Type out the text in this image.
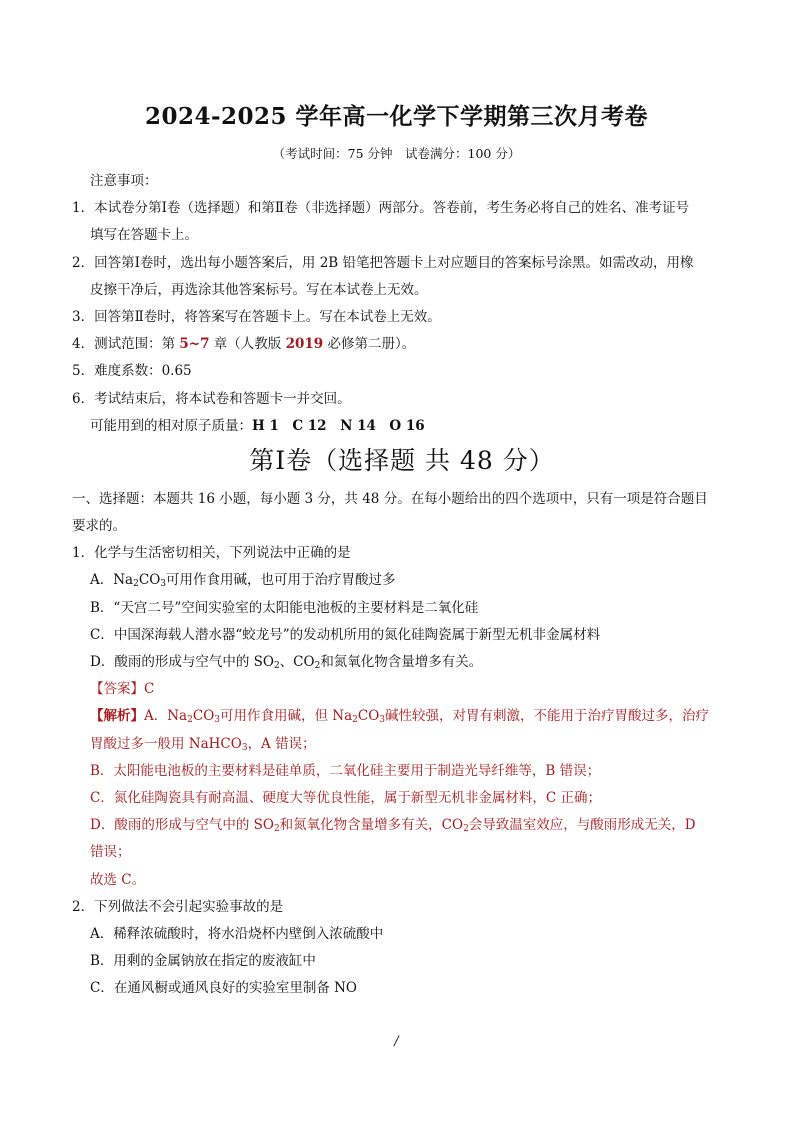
2024-2025 学年高一化学下学期第三次月考卷
（考试时间：75 分钟　试卷满分：100 分）
注意事项：
1．本试卷分第Ⅰ卷（选择题）和第Ⅱ卷（非选择题）两部分。答卷前，考生务必将自己的姓名、准考证号
填写在答题卡上。
2．回答第Ⅰ卷时，选出每小题答案后，用 2B 铅笔把答题卡上对应题目的答案标号涂黑。如需改动，用橡
皮擦干净后，再选涂其他答案标号。写在本试卷上无效。
3．回答第Ⅱ卷时，将答案写在答题卡上。写在本试卷上无效。
4．测试范围：第 5~7 章（人教版 2019 必修第二册）。
5．难度系数：0.65
6．考试结束后，将本试卷和答题卡一并交回。
可能用到的相对原子质量：H 1　C 12　N 14　O 16
第Ⅰ卷（选择题 共 48 分）
一、选择题：本题共 16 小题，每小题 3 分，共 48 分。在每小题给出的四个选项中，只有一项是符合题目
要求的。
1．化学与生活密切相关，下列说法中正确的是
A．$Na_2CO_3$可用作食用碱，也可用于治疗胃酸过多
B．“天宫二号”空间实验室的太阳能电池板的主要材料是二氧化硅
C．中国深海载人潜水器“蛟龙号”的发动机所用的氮化硅陶瓷属于新型无机非金属材料
D．酸雨的形成与空气中的 $SO_2$、$CO_2$和氮氧化物含量增多有关。
【答案】C
【解析】A．$Na_2CO_3$可用作食用碱，但 $Na_2CO_3$碱性较强，对胃有刺激，不能用于治疗胃酸过多，治疗
胃酸过多一般用 NaHCO$_3$，A 错误；
B．太阳能电池板的主要材料是硅单质，二氧化硅主要用于制造光导纤维等，B 错误；
C．氮化硅陶瓷具有耐高温、硬度大等优良性能，属于新型无机非金属材料，C 正确；
D．酸雨的形成与空气中的 $SO_2$和氮氧化物含量增多有关，$CO_2$会导致温室效应，与酸雨形成无关，D
错误；
故选 C。
2．下列做法不会引起实验事故的是
A．稀释浓硫酸时，将水沿烧杯内壁倒入浓硫酸中
B．用剩的金属钠放在指定的废液缸中
C．在通风橱或通风良好的实验室里制备 NO
/
